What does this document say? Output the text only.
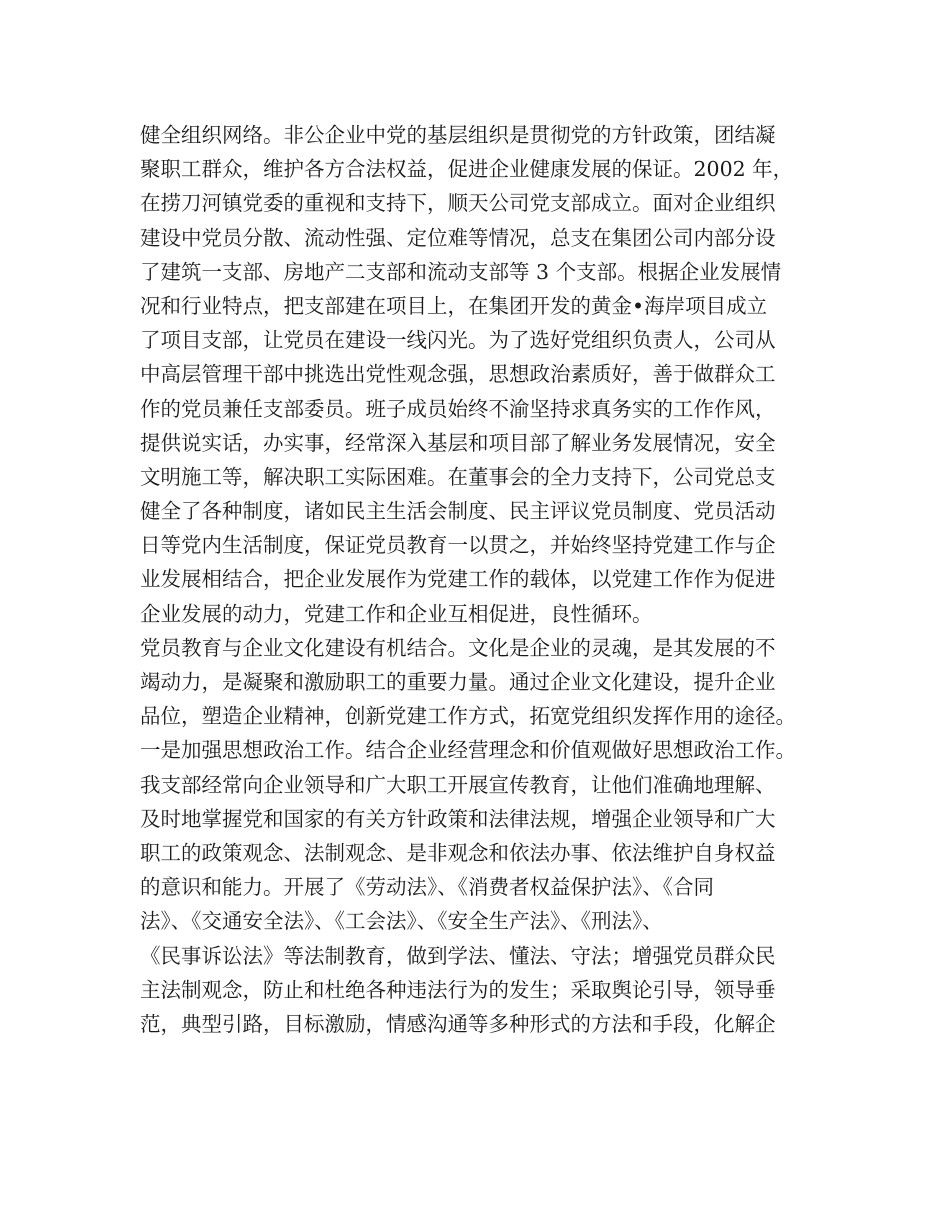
健全组织网络。非公企业中党的基层组织是贯彻党的方针政策，团结凝
聚职工群众，维护各方合法权益，促进企业健康发展的保证。2002 年，
在捞刀河镇党委的重视和支持下，顺天公司党支部成立。面对企业组织
建设中党员分散、流动性强、定位难等情况，总支在集团公司内部分设
了建筑一支部、房地产二支部和流动支部等 3 个支部。根据企业发展情
况和行业特点，把支部建在项目上，在集团开发的黄金•海岸项目成立
了项目支部，让党员在建设一线闪光。为了选好党组织负责人，公司从
中高层管理干部中挑选出党性观念强，思想政治素质好，善于做群众工
作的党员兼任支部委员。班子成员始终不渝坚持求真务实的工作作风，
提供说实话，办实事，经常深入基层和项目部了解业务发展情况，安全
文明施工等，解决职工实际困难。在董事会的全力支持下，公司党总支
健全了各种制度，诸如民主生活会制度、民主评议党员制度、党员活动
日等党内生活制度，保证党员教育一以贯之，并始终坚持党建工作与企
业发展相结合，把企业发展作为党建工作的载体，以党建工作作为促进
企业发展的动力，党建工作和企业互相促进，良性循环。
党员教育与企业文化建设有机结合。文化是企业的灵魂，是其发展的不
竭动力，是凝聚和激励职工的重要力量。通过企业文化建设，提升企业
品位，塑造企业精神，创新党建工作方式，拓宽党组织发挥作用的途径。
一是加强思想政治工作。结合企业经营理念和价值观做好思想政治工作。
我支部经常向企业领导和广大职工开展宣传教育，让他们准确地理解、
及时地掌握党和国家的有关方针政策和法律法规，增强企业领导和广大
职工的政策观念、法制观念、是非观念和依法办事、依法维护自身权益
的意识和能力。开展了《劳动法》、《消费者权益保护法》、《合同
法》、《交通安全法》、《工会法》、《安全生产法》、《刑法》、
《民事诉讼法》等法制教育，做到学法、懂法、守法；增强党员群众民
主法制观念，防止和杜绝各种违法行为的发生；采取舆论引导，领导垂
范，典型引路，目标激励，情感沟通等多种形式的方法和手段，化解企
